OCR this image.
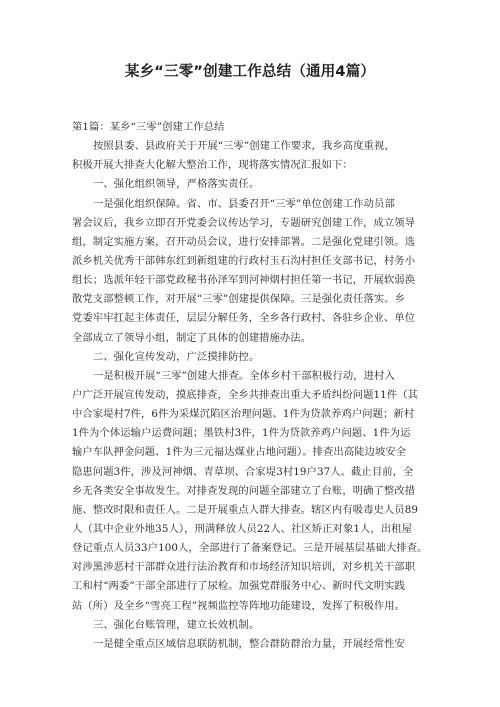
某乡“三零”创建工作总结（通用4篇）
第1篇：某乡“三零”创建工作总结
按照县委、县政府关于开展“三零”创建工作要求，我乡高度重视，
积极开展大排查大化解大整治工作，现将落实情况汇报如下：
一、强化组织领导，严格落实责任。
一是强化组织保障。省、市、县委召开“三零”单位创建工作动员部
署会议后，我乡立即召开党委会议传达学习，专题研究创建工作，成立领导
组，制定实施方案，召开动员会议，进行安排部署。二是强化党建引领。选
派乡机关优秀干部韩东红到新组建的行政村玉石沟村担任支部书记，村务小
组长；选派年轻干部党政秘书孙泽军到河神烟村担任第一书记，开展软弱涣
散党支部整顿工作，对开展“三零”创建提供保障。三是强化责任落实。乡
党委牢牢扛起主体责任，层层分解任务，全乡各行政村、各驻乡企业、单位
全部成立了领导小组，制定了具体的创建措施办法。
二、强化宣传发动，广泛摸排防控。
一是积极开展“三零”创建大排查。全体乡村干部积极行动，进村入
户广泛开展宣传发动，摸底排查，全乡共排查出重大矛盾纠纷问题11件（其
中合家堤村7件，6件为采煤沉陷区治理问题、1件为贷款养鸡户问题；新村
1件为个体运输户运费问题；墨铁村3件，1件为贷款养鸡户问题、1件为运
输户车队押金问题、1件为三元福达煤业占地问题）。排查出高陡边坡安全
隐患问题3件，涉及河神烟、青草坝、合家堤3村19户37人。截止目前，全
乡无各类安全事故发生。对排查发现的问题全部建立了台账，明确了整改措
施、整改时限和责任人。二是开展重点人群大排查。辖区内有吸毒史人员89
人（其中企业外地35人），刑满释放人员22人、社区矫正对象1人，出租屋
登记重点人员33户100人，全部进行了备案登记。三是开展基层基础大排查。
对涉黑涉恶村干部群众进行法治教育和市场经济知识培训，对乡机关干部职
工和村“两委”干部全部进行了尿检。加强党群服务中心、新时代文明实践
站（所）及全乡“雪亮工程”视频监控等阵地功能建设，发挥了积极作用。
三、强化台账管理，建立长效机制。
一是健全重点区域信息联防机制，整合群防群治力量，开展经常性安
